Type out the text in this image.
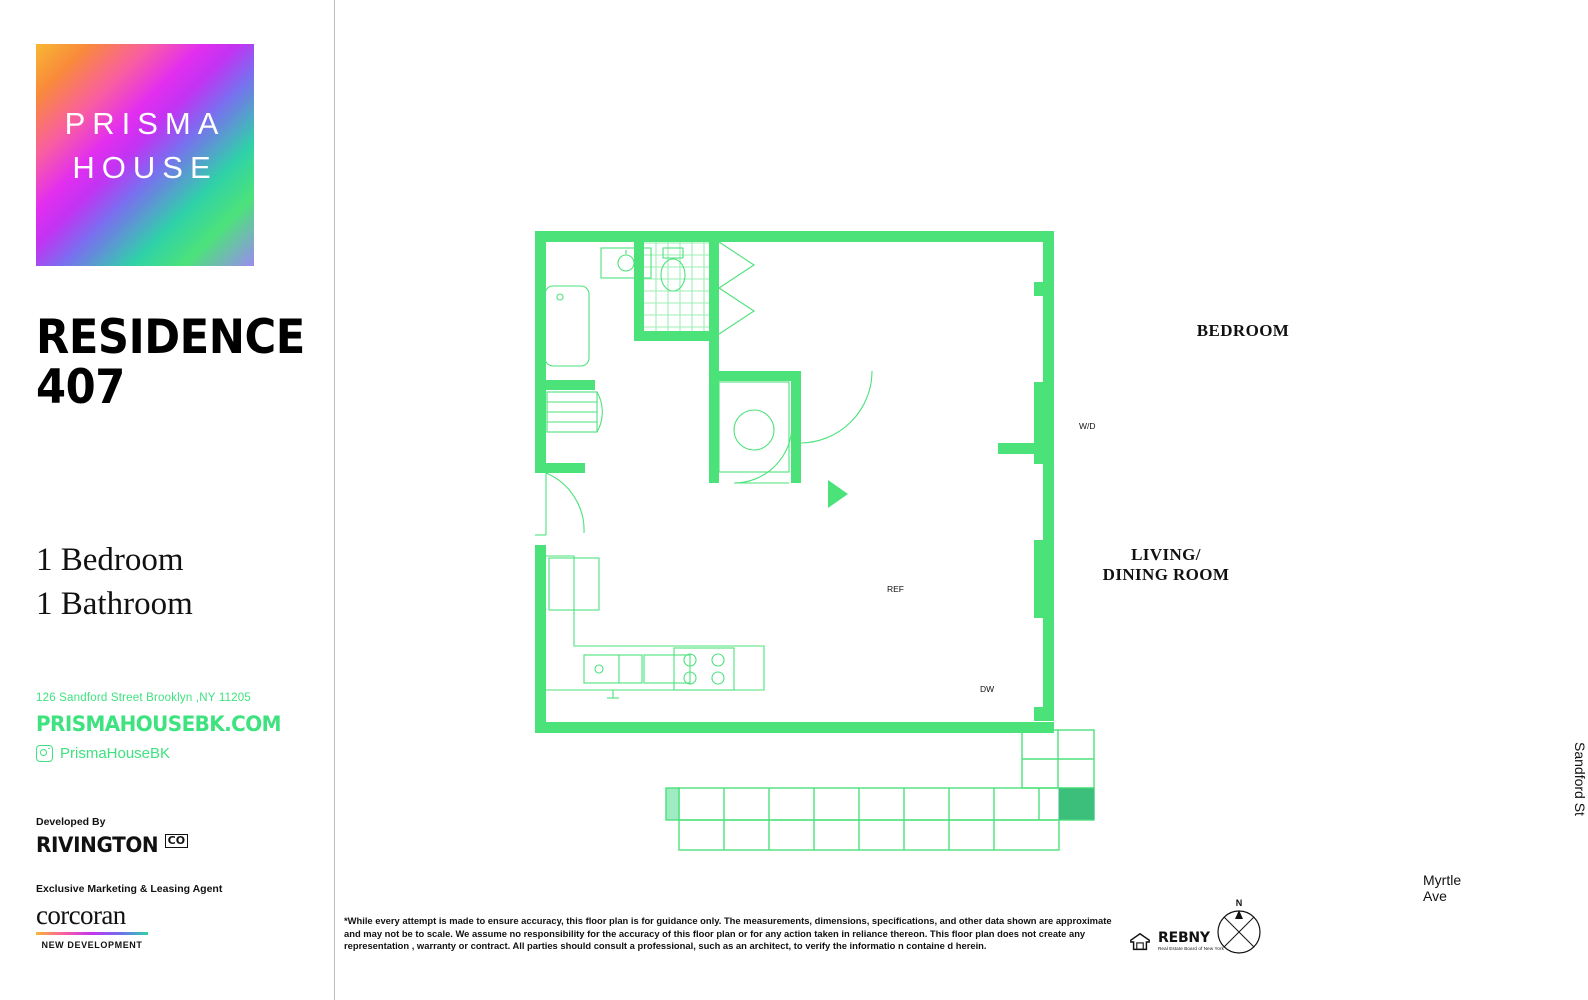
PRISMA
HOUSE
RESIDENCE
407
1 Bedroom
1 Bathroom
126 Sandford Street Brooklyn ,NY 11205
PRISMAHOUSEBK.COM
PrismaHouseBK
Developed By
RIVINGTON CO
Exclusive Marketing & Leasing Agent
corcoran
NEW DEVELOPMENT
BEDROOM
LIVING/
DINING ROOM
W/D
REF
DW
Sandford St
Myrtle Ave
*While every attempt is made to ensure accuracy, this floor plan is for guidance only. The measurements, dimensions, specifications, and other data shown are approximate and may not be to scale. We assume no responsibility for the accuracy of this floor plan or for any action taken in reliance thereon. This floor plan does not create any representation , warranty or contract. All parties should consult a professional, such as an architect, to verify the informatio n containe d herein.	REBNY
Real Estate Board of New York
N
